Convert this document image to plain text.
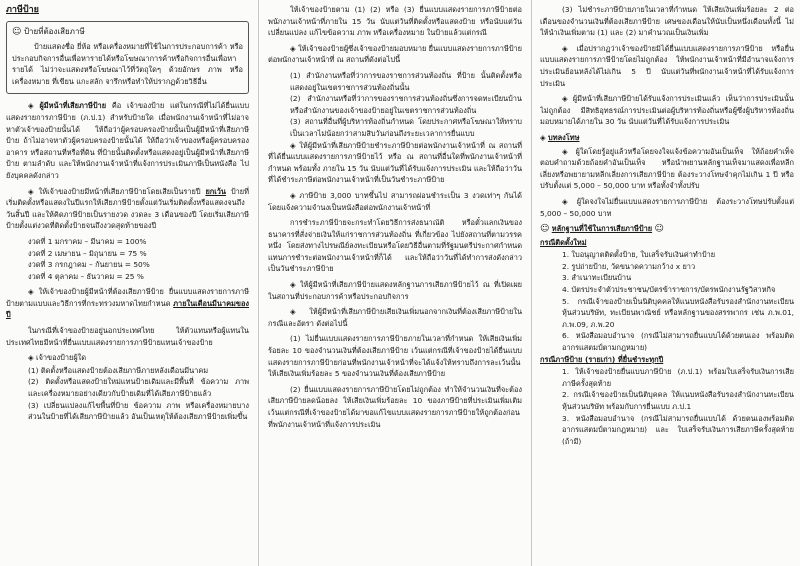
ภาษีป้าย
☺ ป้ายที่ต้องเสียภาษี

ป้ายแสดงชื่อ ยี่ห้อ หรือเครื่องหมายที่ใช้ในการประกอบการค้า หรือประกอบกิจการอื่นเพื่อหารายได้หรือโฆษณาการค้าหรือกิจการอื่นเพื่อหารายได้ ไม่ว่าจะแสดงหรือโฆษณาไว้ที่วัตถุใดๆ ด้วยอักษร ภาพ หรือเครื่องหมาย ที่เขียน แกะสลัก จารึกหรือทำให้ปรากฏด้วยวิธีอื่น

◈ ผู้มีหน้าที่เสียภาษีป้าย คือ เจ้าของป้าย แต่ในกรณีที่ไม่ได้ยื่นแบบแสดงรายการภาษีป้าย (ภ.ป.1) สำหรับป้ายใด เมื่อพนักงานเจ้าหน้าที่ไม่อาจหาตัวเจ้าของป้ายนั้นได้ ให้ถือว่าผู้ครอบครองป้ายนั้นเป็นผู้มีหน้าที่เสียภาษีป้าย ถ้าไม่อาจหาตัวผู้ครอบครองป้ายนั้นได้ ให้ถือว่าเจ้าของหรือผู้ครอบครองอาคาร หรือสถานที่หรือที่ดิน ที่ป้ายนั้นติดตั้งหรือแสดงอยู่เป็นผู้มีหน้าที่เสียภาษีป้าย ตามลำดับ และให้พนักงานเจ้าหน้าที่แจ้งการประเมินภาษีเป็นหนังสือ ไปยังบุคคลดังกล่าว

◈ ให้เจ้าของป้ายมีหน้าที่เสียภาษีป้ายโดยเสียเป็นรายปี ยกเว้น ป้ายที่เริ่มติดตั้งหรือแสดงในปีแรกให้เสียภาษีป้ายตั้งแต่วันเริ่มติดตั้งหรือแสดงจนถึงวันสิ้นปี และให้คิดภาษีป้ายเป็นรายงวด งวดละ 3 เดือนของปี โดยเริ่มเสียภาษีป้ายตั้งแต่งวดที่ติดตั้งป้ายจนถึงงวดสุดท้ายของปี

งวดที่ 1 มกราคม – มีนาคม = 100%

งวดที่ 2 เมษายน – มิถุนายน = 75 %

งวดที่ 3 กรกฎาคม – กันยายน = 50%

งวดที่ 4 ตุลาคม – ธันวาคม = 25 %

◈ ให้เจ้าของป้ายผู้มีหน้าที่ต้องเสียภาษีป้าย ยื่นแบบแสดงรายการภาษีป้ายตามแบบและวิธีการที่กระทรวงมหาดไทยกำหนด ภายในเดือนมีนาคมของปี

ในกรณีที่เจ้าของป้ายอยู่นอกประเทศไทย ให้ตัวแทนหรือผู้แทนในประเทศไทยมีหน้าที่ยื่นแบบแสดงรายการภาษีป้ายแทนเจ้าของป้าย

◈ เจ้าของป้ายผู้ใด

(1) ติดตั้งหรือแสดงป้ายต้องเสียภาษีภายหลังเดือนมีนาคม

(2) ติดตั้งหรือแสดงป้ายใหม่แทนป้ายเดิมและมีพื้นที่ ข้อความ ภาพ และเครื่องหมายอย่างเดียวกับป้ายเดิมที่ได้เสียภาษีป้ายแล้ว

(3) เปลี่ยนแปลงแก้ไขพื้นที่ป้าย ข้อความ ภาพ หรือเครื่องหมายบางส่วนในป้ายที่ได้เสียภาษีป้ายแล้ว อันเป็นเหตุให้ต้องเสียภาษีป้ายเพิ่มขึ้น

ให้เจ้าของป้ายตาม (1) (2) หรือ (3) ยื่นแบบแสดงรายการภาษีป้ายต่อพนักงานเจ้าหน้าที่ภายใน 15 วัน นับแต่วันที่ติดตั้งหรือแสดงป้าย หรือนับแต่วันเปลี่ยนแปลง แก้ไขข้อความ ภาพ หรือเครื่องหมาย ในป้ายแล้วแต่กรณี

◈ ให้เจ้าของป้ายผู้ซึ่งเจ้าของป้ายมอบหมาย ยื่นแบบแสดงรายการภาษีป้ายต่อพนักงานเจ้าหน้าที่ ณ สถานที่ดังต่อไปนี้

(1) สำนักงานหรือที่ว่าการของราชการส่วนท้องถิ่น ที่ป้าย นั้นติดตั้งหรือแสดงอยู่ในเขตราชการส่วนท้องถิ่นนั้น

(2) สำนักงานหรือที่ว่าการของราชการส่วนท้องถิ่นซึ่งการจดทะเบียนบ้านหรือสำนักงานของเจ้าของป้ายอยู่ในเขตราชการส่วนท้องถิ่น

(3) สถานที่อื่นที่ผู้บริหารท้องถิ่นกำหนด โดยประกาศหรือโฆษณาให้ทราบเป็นเวลาไม่น้อยกว่าสามสิบวันก่อนถึงระยะเวลาการยื่นแบบ

◈ ให้ผู้มีหน้าที่เสียภาษีป้ายชำระภาษีป้ายต่อพนักงานเจ้าหน้าที่ ณ สถานที่ที่ได้ยื่นแบบแสดงรายการภาษีป้ายไว้ หรือ ณ สถานที่อื่นใดที่พนักงานเจ้าหน้าที่กำหนด พร้อมทั้ง ภายใน 15 วัน นับแต่วันที่ได้รับแจ้งการประเมิน และให้ถือว่าวันที่ได้ชำระภาษีต่อพนักงานเจ้าหน้าที่เป็นวันชำระภาษีป้าย

◈ ภาษีป้าย 3,000 บาทขึ้นไป สามารถผ่อนชำระเป็น 3 งวดเท่าๆ กันได้โดยแจ้งความจำนงเป็นหนังสือต่อพนักงานเจ้าหน้าที่

การชำระภาษีป้ายจะกระทำโดยวิธีการส่งธนาณัติ หรือตั๋วแลกเงินของธนาคารที่สั่งจ่ายเงินให้แก่ราชการส่วนท้องถิ่น ที่เกี่ยวข้อง ไปยังสถานที่ตามวรรคหนึ่ง โดยส่งทางไปรษณีย์ลงทะเบียนหรือโดยวิธีอื่นตามที่รัฐมนตรีประกาศกำหนด แทนการชำระต่อพนักงานเจ้าหน้าที่ก็ได้ และให้ถือว่าวันที่ได้ทำการส่งดังกล่าวเป็นวันชำระภาษีป้าย

◈ ให้ผู้มีหน้าที่เสียภาษีป้ายแสดงหลักฐานการเสียภาษีป้ายไว้ ณ ที่เปิดเผยในสถานที่ประกอบการค้าหรือประกอบกิจการ

◈ ให้ผู้มีหน้าที่เสียภาษีป้ายเสียเงินเพิ่มนอกจากเงินที่ต้องเสียภาษีป้ายในกรณีและอัตรา ดังต่อไปนี้

(1) ไม่ยื่นแบบแสดงรายการภาษีป้ายภายในเวลาที่กำหนด ให้เสียเงินเพิ่มร้อยละ 10 ของจำนวนเงินที่ต้องเสียภาษีป้าย เว้นแต่กรณีที่เจ้าของป้ายได้ยื่นแบบแสดงรายการภาษีป้ายก่อนที่พนักงานเจ้าหน้าที่จะได้แจ้งให้ทราบถึงการละเว้นนั้นให้เสียเงินเพิ่มร้อยละ 5 ของจำนวนเงินที่ต้องเสียภาษีป้าย

(2) ยื่นแบบแสดงรายการภาษีป้ายโดยไม่ถูกต้อง ทำให้จำนวนเงินที่จะต้องเสียภาษีป้ายลดน้อยลง ให้เสียเงินเพิ่มร้อยละ 10 ของภาษีป้ายที่ประเมินเพิ่มเติม เว้นแต่กรณีที่เจ้าของป้ายได้มาขอแก้ไขแบบแสดงรายการภาษีป้ายให้ถูกต้องก่อนที่พนักงานเจ้าหน้าที่แจ้งการประเมิน

(3) ไม่ชำระภาษีป้ายภายในเวลาที่กำหนด ให้เสียเงินเพิ่มร้อยละ 2 ต่อเดือนของจำนวนเงินที่ต้องเสียภาษีป้าย เศษของเดือนให้นับเป็นหนึ่งเดือนทั้งนี้ ไม่ให้นำเงินเพิ่มตาม (1) และ (2) มาคำนวณเป็นเงินเพิ่ม

◈ เมื่อปรากฏว่าเจ้าของป้ายมิได้ยื่นแบบแสดงรายการภาษีป้าย หรือยื่นแบบแสดงรายการภาษีป้ายโดยไม่ถูกต้อง ให้พนักงานเจ้าหน้าที่มีอำนาจแจ้งการประเมินย้อนหลังได้ไม่เกิน 5 ปี นับแต่วันที่พนักงานเจ้าหน้าที่ได้รับแจ้งการประเมิน

◈ ผู้มีหน้าที่เสียภาษีป้ายได้รับแจ้งการประเมินแล้ว เห็นว่าการประเมินนั้นไม่ถูกต้อง มีสิทธิอุทธรณ์การประเมินต่อผู้บริหารท้องถิ่นหรือผู้ซึ่งผู้บริหารท้องถิ่นมอบหมายได้ภายใน 30 วัน นับแต่วันที่ได้รับแจ้งการประเมิน

◈ บทลงโทษ

◈ ผู้ใดโดยรู้อยู่แล้วหรือโดยจงใจแจ้งข้อความอันเป็นเท็จ ให้ถ้อยคำเท็จ ตอบคำถามด้วยถ้อยคำอันเป็นเท็จ หรือนำพยานหลักฐานเท็จมาแสดงเพื่อหลีกเลี่ยงหรือพยายามหลีกเลี่ยงการเสียภาษีป้าย ต้องระวางโทษจำคุกไม่เกิน 1 ปี หรือปรับตั้งแต่ 5,000 – 50,000 บาท หรือทั้งจำทั้งปรับ

◈ ผู้ใดจงใจไม่ยื่นแบบแสดงรายการภาษีป้าย ต้องระวางโทษปรับตั้งแต่ 5,000 – 50,000 บาท

☺ หลักฐานที่ใช้ในการเสียภาษีป้าย ☺

กรณีติดตั้งใหม่

1. ใบอนุญาตติดตั้งป้าย, ใบเสร็จรับเงินค่าทำป้าย

2. รูปถ่ายป้าย, วัดขนาดความกว้าง x ยาว

3. สำเนาทะเบียนบ้าน

4. บัตรประจำตัวประชาชน/บัตรข้าราชการ/บัตรพนักงานรัฐวิสาหกิจ

5. กรณีเจ้าของป้ายเป็นนิติบุคคลให้แนบหนังสือรับรองสำนักงานทะเบียนหุ้นส่วนบริษัท, ทะเบียนพาณิชย์ หรือหลักฐานของสรรพากร เช่น ภ.พ.01, ภ.พ.09, ภ.พ.20

6. หนังสือมอบอำนาจ (กรณีไม่สามารถยื่นแบบได้ด้วยตนเอง พร้อมติดอากรแสตมป์ตามกฎหมาย)

กรณีภาษีป้าย (รายเก่า) ที่ยื่นชำระทุกปี

1. ให้เจ้าของป้ายยื่นแบบภาษีป้าย (ภ.ป.1) พร้อมใบเสร็จรับเงินการเสียภาษีครั้งสุดท้าย

2. กรณีเจ้าของป้ายเป็นนิติบุคคล ให้แนบหนังสือรับรองสำนักงานทะเบียนหุ้นส่วนบริษัท พร้อมกับการยื่นแบบ ภ.ป.1

3. หนังสือมอบอำนาจ (กรณีไม่สามารถยื่นแบบได้ ด้วยตนเองพร้อมติดอากรแสตมป์ตามกฎหมาย) และ ใบเสร็จรับเงินการเสียภาษีครั้งสุดท้าย (ถ้ามี)
